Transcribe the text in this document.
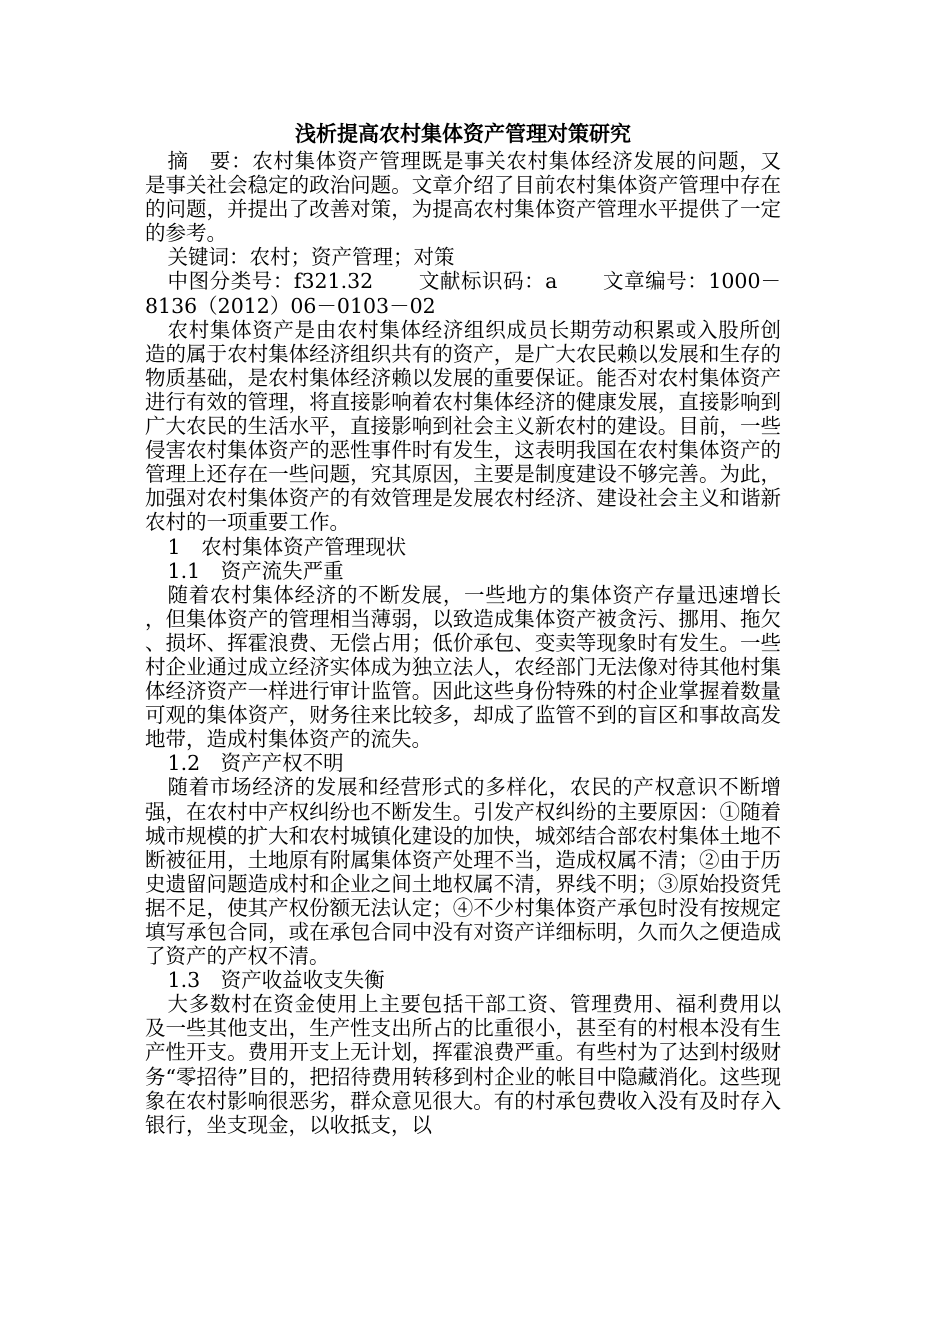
浅析提高农村集体资产管理对策研究

摘　要：农村集体资产管理既是事关农村集体经济发展的问题，又是事关社会稳定的政治问题。文章介绍了目前农村集体资产管理中存在的问题，并提出了改善对策，为提高农村集体资产管理水平提供了一定的参考。

关键词：农村；资产管理；对策

中图分类号：f321.32 文献标识码：a 文章编号：1000－8136（2012）06－0103－02

农村集体资产是由农村集体经济组织成员长期劳动积累或入股所创造的属于农村集体经济组织共有的资产，是广大农民赖以发展和生存的物质基础，是农村集体经济赖以发展的重要保证。能否对农村集体资产进行有效的管理，将直接影响着农村集体经济的健康发展，直接影响到广大农民的生活水平，直接影响到社会主义新农村的建设。目前，一些侵害农村集体资产的恶性事件时有发生，这表明我国在农村集体资产的管理上还存在一些问题，究其原因，主要是制度建设不够完善。为此，加强对农村集体资产的有效管理是发展农村经济、建设社会主义和谐新农村的一项重要工作。

1　农村集体资产管理现状

1.1　资产流失严重

随着农村集体经济的不断发展，一些地方的集体资产存量迅速增长，但集体资产的管理相当薄弱，以致造成集体资产被贪污、挪用、拖欠、损坏、挥霍浪费、无偿占用；低价承包、变卖等现象时有发生。一些村企业通过成立经济实体成为独立法人，农经部门无法像对待其他村集体经济资产一样进行审计监管。因此这些身份特殊的村企业掌握着数量可观的集体资产，财务往来比较多，却成了监管不到的盲区和事故高发地带，造成村集体资产的流失。

1.2　资产产权不明

随着市场经济的发展和经营形式的多样化，农民的产权意识不断增强，在农村中产权纠纷也不断发生。引发产权纠纷的主要原因：①随着城市规模的扩大和农村城镇化建设的加快，城郊结合部农村集体土地不断被征用，土地原有附属集体资产处理不当，造成权属不清；②由于历史遗留问题造成村和企业之间土地权属不清，界线不明；③原始投资凭据不足，使其产权份额无法认定；④不少村集体资产承包时没有按规定填写承包合同，或在承包合同中没有对资产详细标明，久而久之便造成了资产的产权不清。

1.3　资产收益收支失衡

大多数村在资金使用上主要包括干部工资、管理费用、福利费用以及一些其他支出，生产性支出所占的比重很小，甚至有的村根本没有生产性开支。费用开支上无计划，挥霍浪费严重。有些村为了达到村级财务“零招待”目的，把招待费用转移到村企业的帐目中隐藏消化。这些现象在农村影响很恶劣，群众意见很大。有的村承包费收入没有及时存入银行，坐支现金，以收抵支，以
